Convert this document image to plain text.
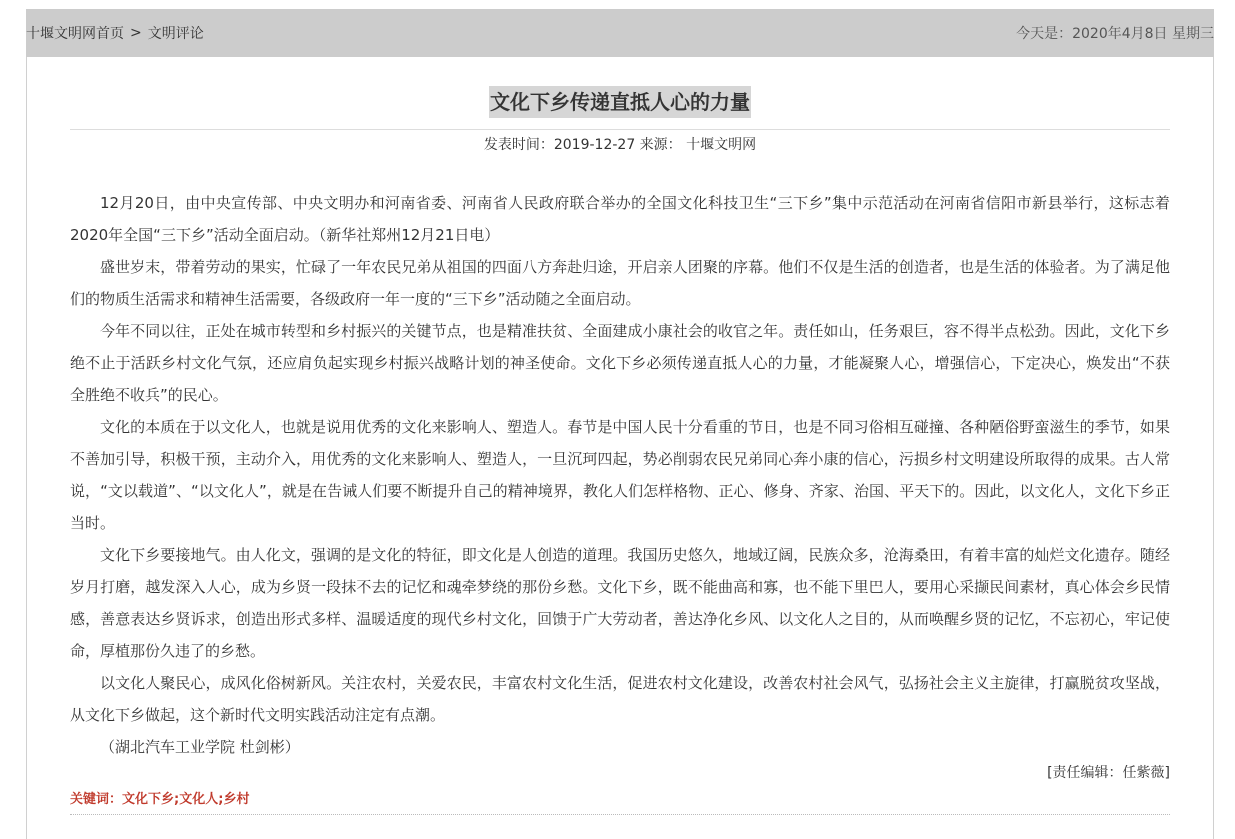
十堰文明网首页 > 文明评论	今天是：2020年4月8日 星期三
文化下乡传递直抵人心的力量
发表时间：2019-12-27 来源： 十堰文明网

12月20日，由中央宣传部、中央文明办和河南省委、河南省人民政府联合举办的全国文化科技卫生“三下乡”集中示范活动在河南省信阳市新县举行，这标志着2020年全国“三下乡”活动全面启动。（新华社郑州12月21日电）

盛世岁末，带着劳动的果实，忙碌了一年农民兄弟从祖国的四面八方奔赴归途，开启亲人团聚的序幕。他们不仅是生活的创造者，也是生活的体验者。为了满足他们的物质生活需求和精神生活需要，各级政府一年一度的“三下乡”活动随之全面启动。

今年不同以往，正处在城市转型和乡村振兴的关键节点，也是精准扶贫、全面建成小康社会的收官之年。责任如山，任务艰巨，容不得半点松劲。因此，文化下乡绝不止于活跃乡村文化气氛，还应肩负起实现乡村振兴战略计划的神圣使命。文化下乡必须传递直抵人心的力量，才能凝聚人心，增强信心，下定决心，焕发出“不获全胜绝不收兵”的民心。

文化的本质在于以文化人，也就是说用优秀的文化来影响人、塑造人。春节是中国人民十分看重的节日，也是不同习俗相互碰撞、各种陋俗野蛮滋生的季节，如果不善加引导，积极干预，主动介入，用优秀的文化来影响人、塑造人，一旦沉珂四起，势必削弱农民兄弟同心奔小康的信心，污损乡村文明建设所取得的成果。古人常说，“文以载道”、“以文化人”，就是在告诫人们要不断提升自己的精神境界，教化人们怎样格物、正心、修身、齐家、治国、平天下的。因此，以文化人，文化下乡正当时。

文化下乡要接地气。由人化文，强调的是文化的特征，即文化是人创造的道理。我国历史悠久，地域辽阔，民族众多，沧海桑田，有着丰富的灿烂文化遗存。随经岁月打磨，越发深入人心，成为乡贤一段抹不去的记忆和魂牵梦绕的那份乡愁。文化下乡，既不能曲高和寡，也不能下里巴人，要用心采撷民间素材，真心体会乡民情感，善意表达乡贤诉求，创造出形式多样、温暖适度的现代乡村文化，回馈于广大劳动者，善达净化乡风、以文化人之目的，从而唤醒乡贤的记忆，不忘初心，牢记使命，厚植那份久违了的乡愁。

以文化人聚民心，成风化俗树新风。关注农村，关爱农民，丰富农村文化生活，促进农村文化建设，改善农村社会风气，弘扬社会主义主旋律，打赢脱贫攻坚战，从文化下乡做起，这个新时代文明实践活动注定有点潮。

（湖北汽车工业学院 杜剑彬）

[责任编辑：任紫薇]
关键词：文化下乡;文化人;乡村
